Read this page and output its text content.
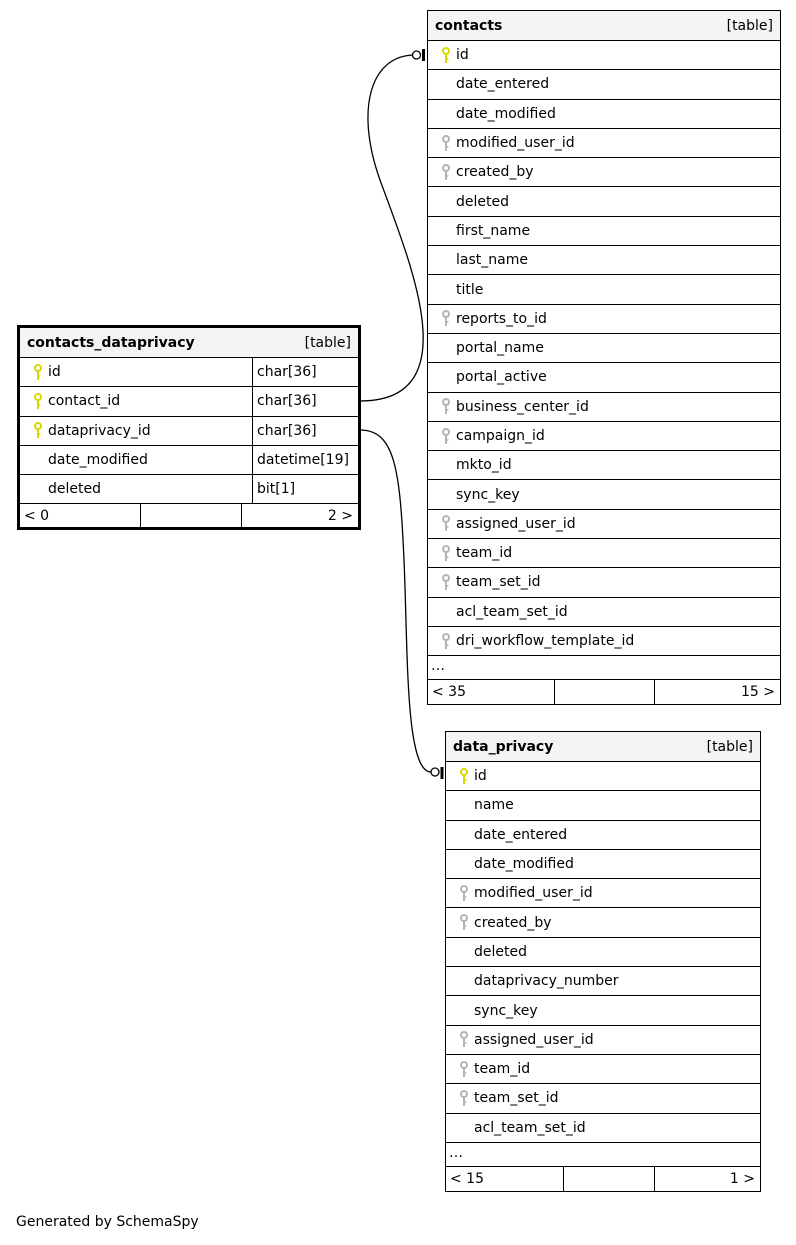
contacts	[table]
id
date_entered
date_modified
modified_user_id
created_by
deleted
first_name
last_name
title
reports_to_id
portal_name
portal_active
business_center_id
campaign_id
mkto_id
sync_key
assigned_user_id
team_id
team_set_id
acl_team_set_id
dri_workflow_template_id
…
< 35	15 >
contacts_dataprivacy	[table]
id	char[36]
contact_id	char[36]
dataprivacy_id	char[36]
date_modified	datetime[19]
deleted	bit[1]
< 0	2 >
data_privacy	[table]
id
name
date_entered
date_modified
modified_user_id
created_by
deleted
dataprivacy_number
sync_key
assigned_user_id
team_id
team_set_id
acl_team_set_id
…
< 15	1 >
Generated by SchemaSpy
